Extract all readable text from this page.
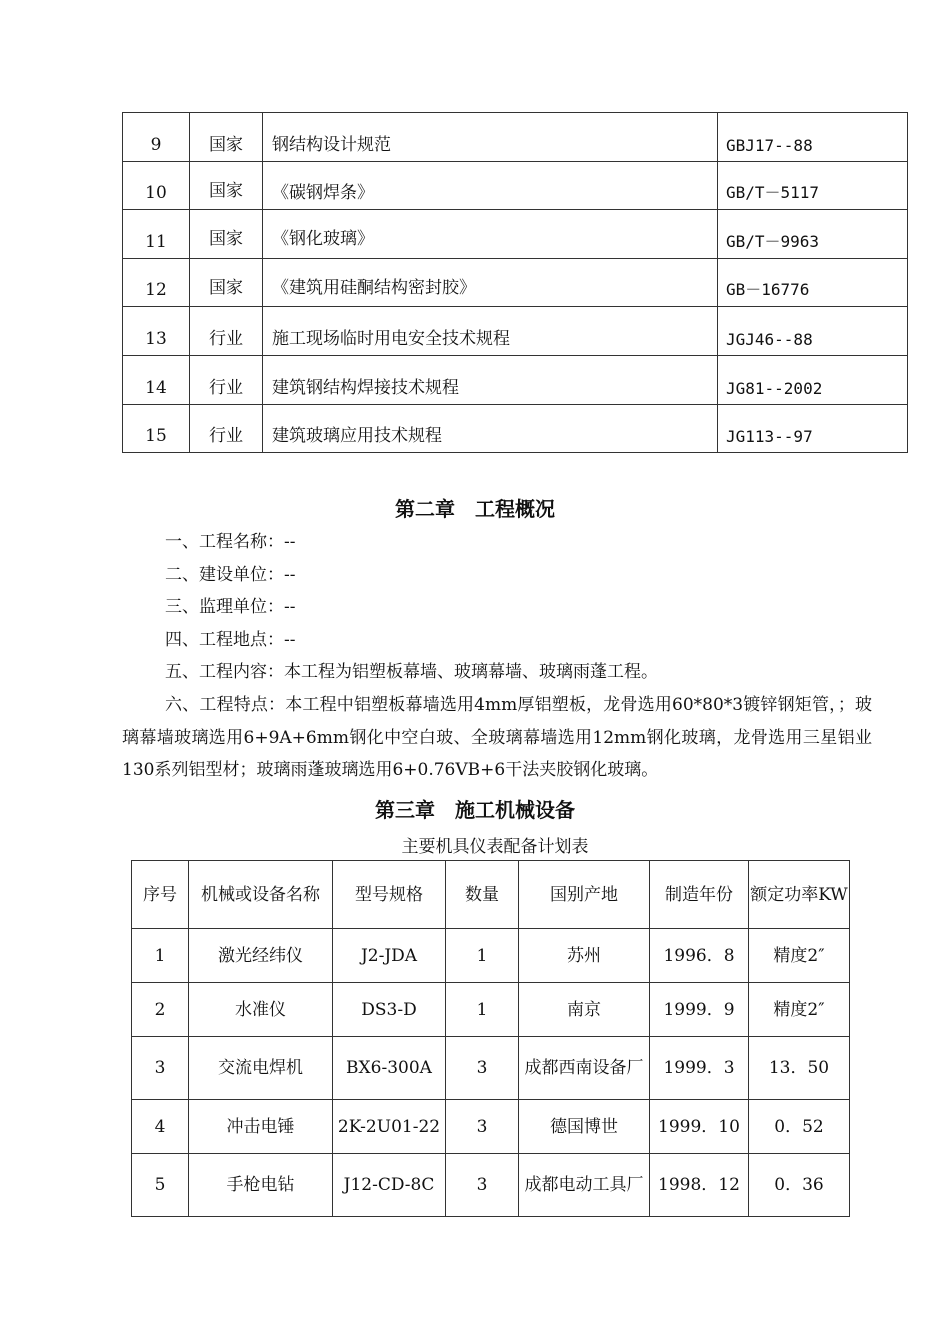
9	国家	钢结构设计规范	GBJ17--88
10	国家	《碳钢焊条》	GB/T－5117
11	国家	《钢化玻璃》	GB/T－9963
12	国家	《建筑用硅酮结构密封胶》	GB－16776
13	行业	施工现场临时用电安全技术规程	JGJ46--88
14	行业	建筑钢结构焊接技术规程	JG81--2002
15	行业	建筑玻璃应用技术规程	JG113--97
第二章　工程概况
一、工程名称：--
二、建设单位：--
三、监理单位：--
四、工程地点：--
五、工程内容：本工程为铝塑板幕墙、玻璃幕墙、玻璃雨蓬工程。
六、工程特点：本工程中铝塑板幕墙选用4mm厚铝塑板，龙骨选用60*80*3镀锌钢矩管，；玻璃幕墙玻璃选用6+9A+6mm钢化中空白玻、全玻璃幕墙选用12mm钢化玻璃，龙骨选用三星铝业130系列铝型材；玻璃雨蓬玻璃选用6+0.76VB+6干法夹胶钢化玻璃。
第三章　施工机械设备
主要机具仪表配备计划表
序号	机械或设备名称	型号规格	数量	国别产地	制造年份	额定功率KW
1	激光经纬仪	J2-JDA	1	苏州	1996．8	精度2″
2	水准仪	DS3-D	1	南京	1999．9	精度2″
3	交流电焊机	BX6-300A	3	成都西南设备厂	1999．3	13．50
4	冲击电锤	2K-2U01-22	3	德国博世	1999．10	0．52
5	手枪电钻	J12-CD-8C	3	成都电动工具厂	1998．12	0．36
